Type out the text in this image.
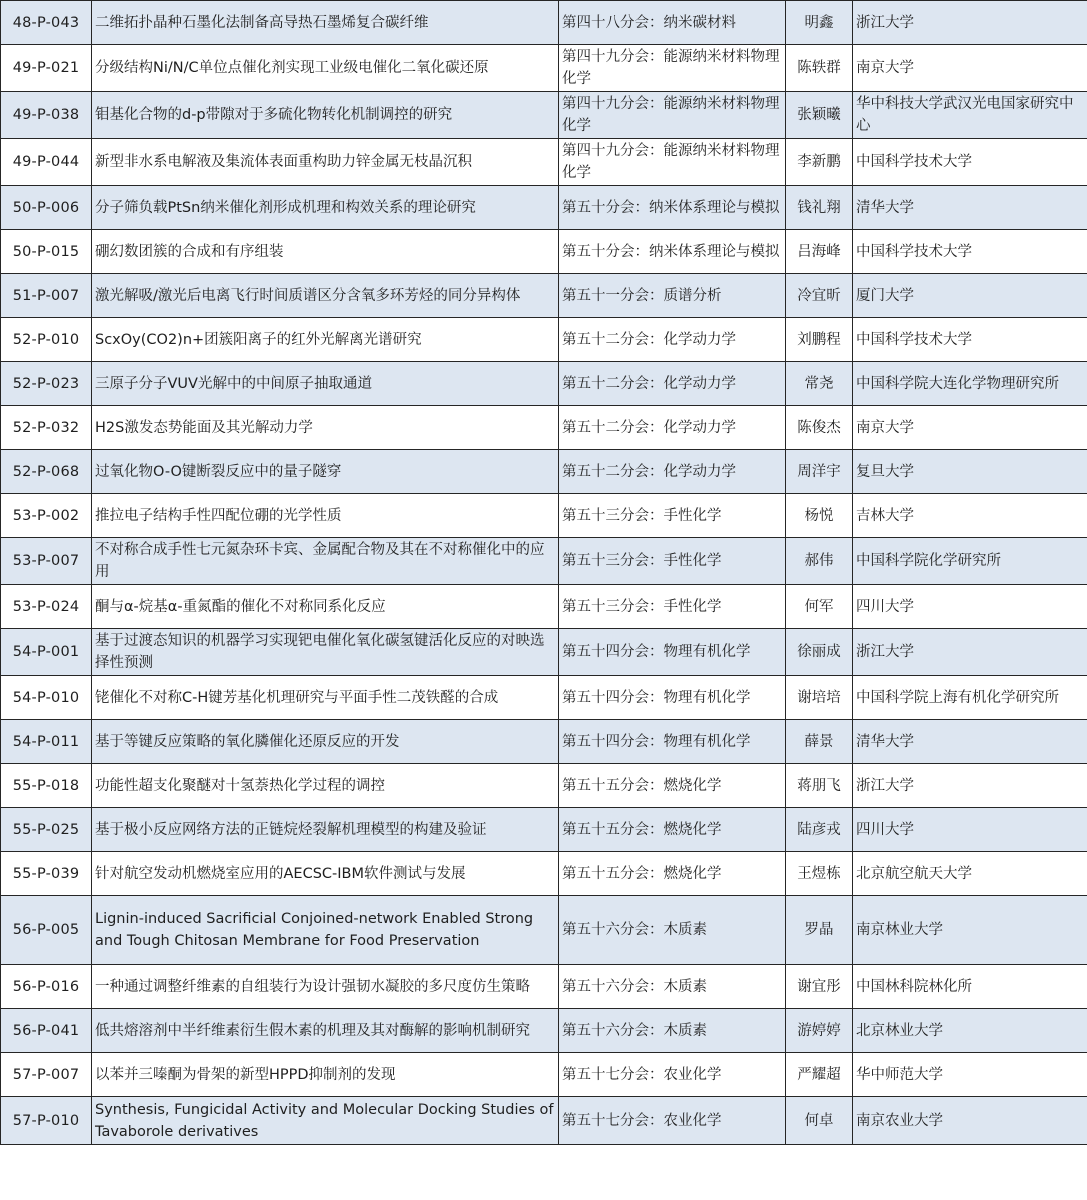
48-P-043	二维拓扑晶种石墨化法制备高导热石墨烯复合碳纤维	第四十八分会：纳米碳材料	明鑫	浙江大学
49-P-021	分级结构Ni/N/C单位点催化剂实现工业级电催化二氧化碳还原	第四十九分会：能源纳米材料物理化学	陈轶群	南京大学
49-P-038	钼基化合物的d-p带隙对于多硫化物转化机制调控的研究	第四十九分会：能源纳米材料物理化学	张颖曦	华中科技大学武汉光电国家研究中心
49-P-044	新型非水系电解液及集流体表面重构助力锌金属无枝晶沉积	第四十九分会：能源纳米材料物理化学	李新鹏	中国科学技术大学
50-P-006	分子筛负载PtSn纳米催化剂形成机理和构效关系的理论研究	第五十分会：纳米体系理论与模拟	钱礼翔	清华大学
50-P-015	硼幻数团簇的合成和有序组装	第五十分会：纳米体系理论与模拟	吕海峰	中国科学技术大学
51-P-007	激光解吸/激光后电离飞行时间质谱区分含氧多环芳烃的同分异构体	第五十一分会：质谱分析	冷宜昕	厦门大学
52-P-010	ScxOy(CO2)n+团簇阳离子的红外光解离光谱研究	第五十二分会：化学动力学	刘鹏程	中国科学技术大学
52-P-023	三原子分子VUV光解中的中间原子抽取通道	第五十二分会：化学动力学	常尧	中国科学院大连化学物理研究所
52-P-032	H2S激发态势能面及其光解动力学	第五十二分会：化学动力学	陈俊杰	南京大学
52-P-068	过氧化物O-O键断裂反应中的量子隧穿	第五十二分会：化学动力学	周洋宇	复旦大学
53-P-002	推拉电子结构手性四配位硼的光学性质	第五十三分会：手性化学	杨悦	吉林大学
53-P-007	不对称合成手性七元氮杂环卡宾、金属配合物及其在不对称催化中的应用	第五十三分会：手性化学	郝伟	中国科学院化学研究所
53-P-024	酮与α-烷基α-重氮酯的催化不对称同系化反应	第五十三分会：手性化学	何军	四川大学
54-P-001	基于过渡态知识的机器学习实现钯电催化氧化碳氢键活化反应的对映选择性预测	第五十四分会：物理有机化学	徐丽成	浙江大学
54-P-010	铑催化不对称C-H键芳基化机理研究与平面手性二茂铁醛的合成	第五十四分会：物理有机化学	谢培培	中国科学院上海有机化学研究所
54-P-011	基于等键反应策略的氧化膦催化还原反应的开发	第五十四分会：物理有机化学	薛景	清华大学
55-P-018	功能性超支化聚醚对十氢萘热化学过程的调控	第五十五分会：燃烧化学	蒋朋飞	浙江大学
55-P-025	基于极小反应网络方法的正链烷烃裂解机理模型的构建及验证	第五十五分会：燃烧化学	陆彦戎	四川大学
55-P-039	针对航空发动机燃烧室应用的AECSC-IBM软件测试与发展	第五十五分会：燃烧化学	王煜栋	北京航空航天大学
56-P-005	Lignin-induced Sacrificial Conjoined-network Enabled Strong and Tough Chitosan Membrane for Food Preservation	第五十六分会：木质素	罗晶	南京林业大学
56-P-016	一种通过调整纤维素的自组装行为设计强韧水凝胶的多尺度仿生策略	第五十六分会：木质素	谢宜彤	中国林科院林化所
56-P-041	低共熔溶剂中半纤维素衍生假木素的机理及其对酶解的影响机制研究	第五十六分会：木质素	游婷婷	北京林业大学
57-P-007	以苯并三嗪酮为骨架的新型HPPD抑制剂的发现	第五十七分会：农业化学	严耀超	华中师范大学
57-P-010	Synthesis, Fungicidal Activity and Molecular Docking Studies of Tavaborole derivatives	第五十七分会：农业化学	何卓	南京农业大学
